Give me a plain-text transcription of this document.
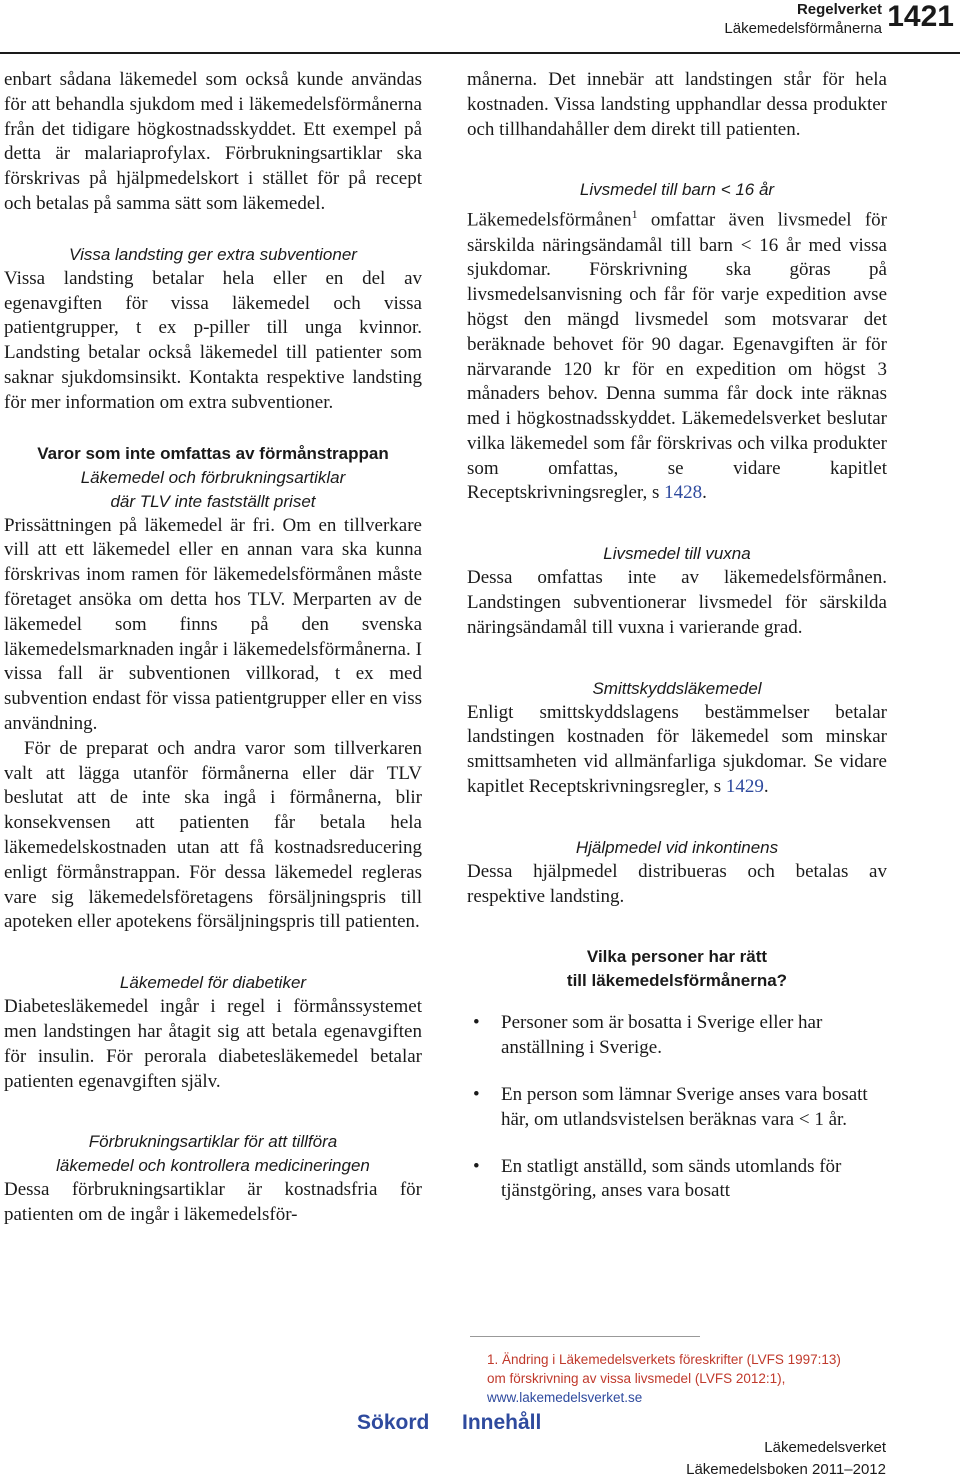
Regelverket
Läkemedelsförmånerna 1421

enbart sådana läkemedel som också kunde användas för att behandla sjukdom med i läkemedelsförmånerna från det tidigare högkostnadsskyddet. Ett exempel på detta är malariaprofylax. Förbrukningsartiklar ska förskrivas på hjälpmedelskort i stället för på recept och betalas på samma sätt som läkemedel.

Vissa landsting ger extra subventioner

Vissa landsting betalar hela eller en del av egenavgiften för vissa läkemedel och vissa patientgrupper, t ex p-piller till unga kvinnor. Landsting betalar också läkemedel till patienter som saknar sjukdomsinsikt. Kontakta respektive landsting för mer information om extra subventioner.

Varor som inte omfattas av förmånstrappan
Läkemedel och förbrukningsartiklar
där TLV inte fastställt priset

Prissättningen på läkemedel är fri. Om en tillverkare vill att ett läkemedel eller en annan vara ska kunna förskrivas inom ramen för läkemedelsförmånen måste företaget ansöka om detta hos TLV. Merparten av de läkemedel som finns på den svenska läkemedelsmarknaden ingår i läkemedelsförmånerna. I vissa fall är subventionen villkorad, t ex med subvention endast för vissa patientgrupper eller en viss användning.

För de preparat och andra varor som tillverkaren valt att lägga utanför förmånerna eller där TLV beslutat att de inte ska ingå i förmånerna, blir konsekvensen att patienten får betala hela läkemedelskostnaden utan att få kostnadsreducering enligt förmånstrappan. För dessa läkemedel regleras vare sig läkemedelsföretagens försäljningspris till apoteken eller apotekens försäljningspris till patienten.

Läkemedel för diabetiker

Diabetesläkemedel ingår i regel i förmånssystemet men landstingen har åtagit sig att betala egenavgiften för insulin. För perorala diabetesläkemedel betalar patienten egenavgiften själv.

Förbrukningsartiklar för att tillföra
läkemedel och kontrollera medicineringen

Dessa förbrukningsartiklar är kostnadsfria för patienten om de ingår i läkemedelsför-

månerna. Det innebär att landstingen står för hela kostnaden. Vissa landsting upphandlar dessa produkter och tillhandahåller dem direkt till patienten.

Livsmedel till barn < 16 år

Läkemedelsförmånen$^1$ omfattar även livsmedel för särskilda näringsändamål till barn < 16 år med vissa sjukdomar. Förskrivning ska göras på livsmedelsanvisning och får för varje expedition avse högst den mängd livsmedel som motsvarar det beräknade behovet för 90 dagar. Egenavgiften är för närvarande 120 kr för en expedition om högst 3 månaders behov. Denna summa får dock inte räknas med i högkostnadsskyddet. Läkemedelsverket beslutar vilka läkemedel som får förskrivas och vilka produkter som omfattas, se vidare kapitlet Receptskrivningsregler, s 1428.

Livsmedel till vuxna

Dessa omfattas inte av läkemedelsförmånen. Landstingen subventionerar livsmedel för särskilda näringsändamål till vuxna i varierande grad.

Smittskyddsläkemedel

Enligt smittskyddslagens bestämmelser betalar landstingen kostnaden för läkemedel som minskar smittsamheten vid allmänfarliga sjukdomar. Se vidare kapitlet Receptskrivningsregler, s 1429.

Hjälpmedel vid inkontinens

Dessa hjälpmedel distribueras och betalas av respektive landsting.

Vilka personer har rätt
till läkemedelsförmånerna?
• Personer som är bosatta i Sverige eller har anställning i Sverige.
• En person som lämnar Sverige anses vara bosatt här, om utlandsvistelsen beräknas vara < 1 år.
• En statligt anställd, som sänds utomlands för tjänstgöring, anses vara bosatt
1. Ändring i Läkemedelsverkets föreskrifter (LVFS 1997:13)
om förskrivning av vissa livsmedel (LVFS 2012:1),
www.lakemedelsverket.se
Sökord Innehåll
Läkemedelsverket
Läkemedelsboken 2011–2012
